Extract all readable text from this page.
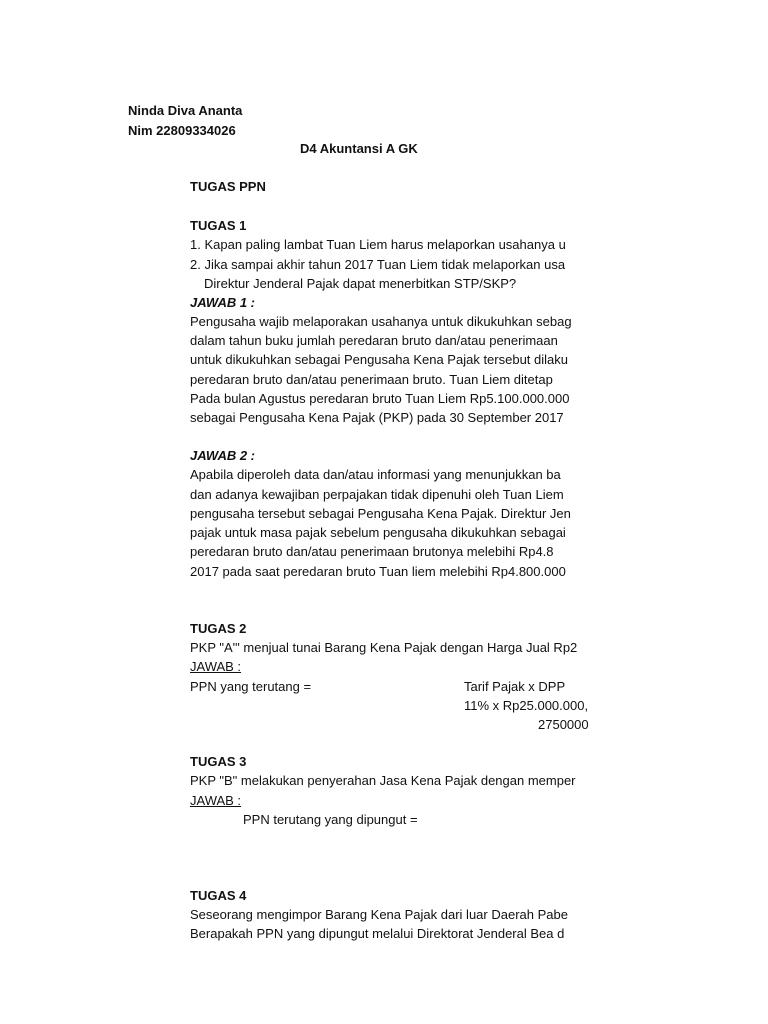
Ninda Diva Ananta
Nim 22809334026
D4 Akuntansi A GK
TUGAS PPN
TUGAS 1
1. Kapan paling lambat Tuan Liem harus melaporkan usahanya u
2. Jika sampai akhir tahun 2017 Tuan Liem tidak melaporkan usa
Direktur Jenderal Pajak dapat menerbitkan STP/SKP?
JAWAB 1 :
Pengusaha wajib melaporakan usahanya untuk dikukuhkan sebag
dalam tahun buku jumlah peredaran bruto dan/atau penerimaan
untuk dikukuhkan sebagai Pengusaha Kena Pajak tersebut dilaku
peredaran bruto dan/atau penerimaan bruto. Tuan Liem ditetap
Pada bulan Agustus peredaran bruto Tuan Liem Rp5.100.000.000
sebagai Pengusaha Kena Pajak (PKP) pada 30 September 2017
JAWAB 2 :
Apabila diperoleh data dan/atau informasi yang menunjukkan ba
dan adanya kewajiban perpajakan tidak dipenuhi oleh Tuan Liem
pengusaha tersebut sebagai Pengusaha Kena Pajak. Direktur Jen
pajak untuk masa pajak sebelum pengusaha dikukuhkan sebagai
peredaran bruto dan/atau penerimaan brutonya melebihi Rp4.8
2017 pada saat peredaran bruto Tuan liem melebihi Rp4.800.000
TUGAS 2
PKP "A'" menjual tunai Barang Kena Pajak dengan Harga Jual Rp2
JAWAB :
PPN yang terutang =	Tarif Pajak x DPP
11% x Rp25.000.000,
2750000
TUGAS 3
PKP "B" melakukan penyerahan Jasa Kena Pajak dengan memper
JAWAB :
PPN terutang yang dipungut =
TUGAS 4
Seseorang mengimpor Barang Kena Pajak dari luar Daerah Pabe
Berapakah PPN yang dipungut melalui Direktorat Jenderal Bea d
